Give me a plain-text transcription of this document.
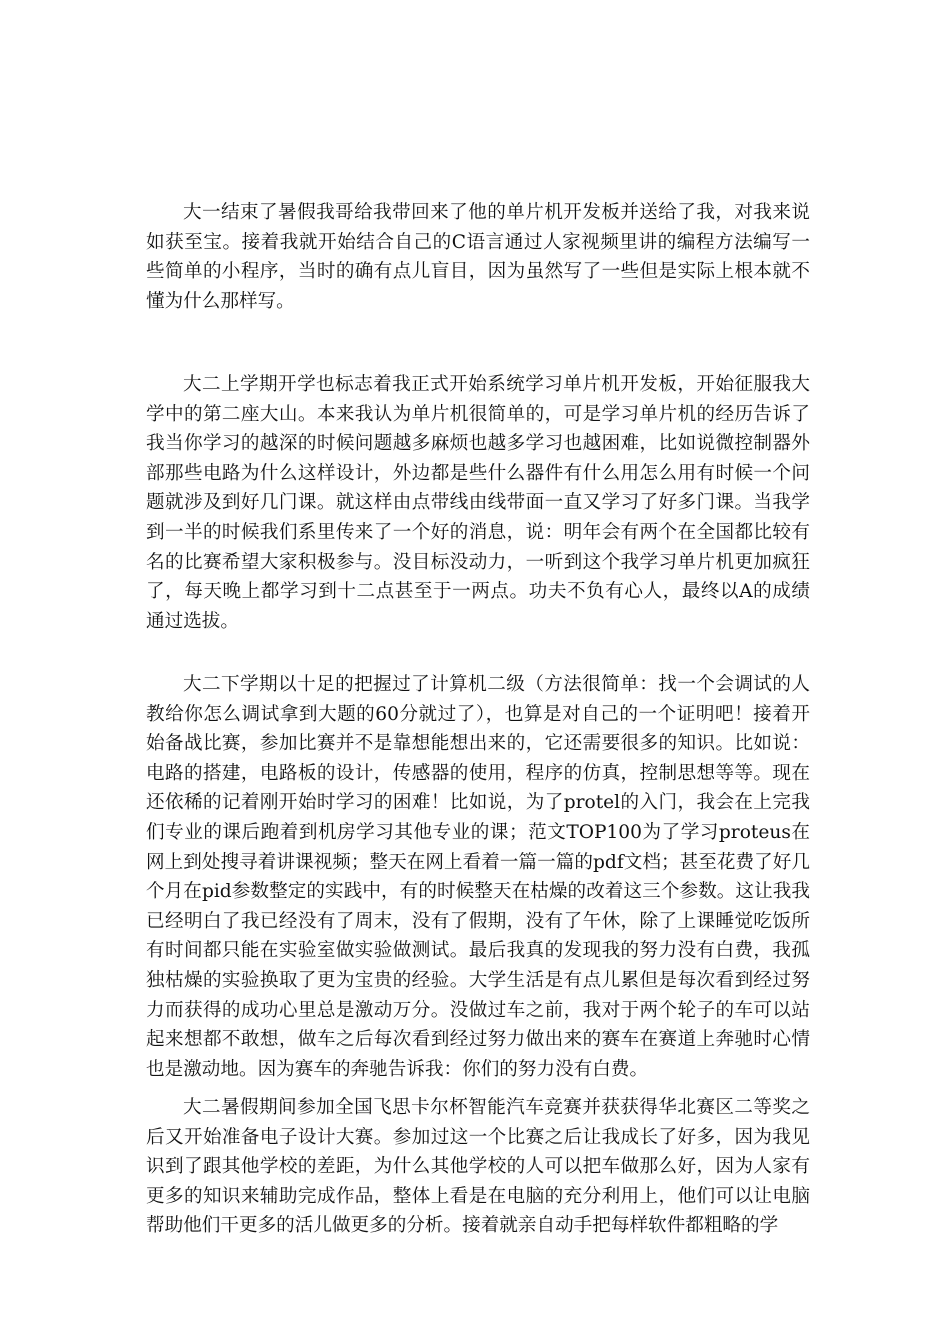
大一结束了暑假我哥给我带回来了他的单片机开发板并送给了我，对我来说如获至宝。接着我就开始结合自己的C语言通过人家视频里讲的编程方法编写一些简单的小程序，当时的确有点儿盲目，因为虽然写了一些但是实际上根本就不懂为什么那样写。

大二上学期开学也标志着我正式开始系统学习单片机开发板，开始征服我大学中的第二座大山。本来我认为单片机很简单的，可是学习单片机的经历告诉了我当你学习的越深的时候问题越多麻烦也越多学习也越困难，比如说微控制器外部那些电路为什么这样设计，外边都是些什么器件有什么用怎么用有时候一个问题就涉及到好几门课。就这样由点带线由线带面一直又学习了好多门课。当我学到一半的时候我们系里传来了一个好的消息，说：明年会有两个在全国都比较有名的比赛希望大家积极参与。没目标没动力，一听到这个我学习单片机更加疯狂了，每天晚上都学习到十二点甚至于一两点。功夫不负有心人，最终以A的成绩通过选拔。

大二下学期以十足的把握过了计算机二级（方法很简单：找一个会调试的人教给你怎么调试拿到大题的60分就过了），也算是对自己的一个证明吧！接着开始备战比赛，参加比赛并不是靠想能想出来的，它还需要很多的知识。比如说：电路的搭建，电路板的设计，传感器的使用，程序的仿真，控制思想等等。现在还依稀的记着刚开始时学习的困难！比如说，为了protel的入门，我会在上完我们专业的课后跑着到机房学习其他专业的课；范文TOP100为了学习proteus在网上到处搜寻着讲课视频；整天在网上看着一篇一篇的pdf文档；甚至花费了好几个月在pid参数整定的实践中，有的时候整天在枯燥的改着这三个参数。这让我我已经明白了我已经没有了周末，没有了假期，没有了午休，除了上课睡觉吃饭所有时间都只能在实验室做实验做测试。最后我真的发现我的努力没有白费，我孤独枯燥的实验换取了更为宝贵的经验。大学生活是有点儿累但是每次看到经过努力而获得的成功心里总是激动万分。没做过车之前，我对于两个轮子的车可以站起来想都不敢想，做车之后每次看到经过努力做出来的赛车在赛道上奔驰时心情也是激动地。因为赛车的奔驰告诉我：你们的努力没有白费。

大二暑假期间参加全国飞思卡尔杯智能汽车竞赛并获获得华北赛区二等奖之后又开始准备电子设计大赛。参加过这一个比赛之后让我成长了好多，因为我见识到了跟其他学校的差距，为什么其他学校的人可以把车做那么好，因为人家有更多的知识来辅助完成作品，整体上看是在电脑的充分利用上，他们可以让电脑帮助他们干更多的活儿做更多的分析。接着就亲自动手把每样软件都粗略的学
